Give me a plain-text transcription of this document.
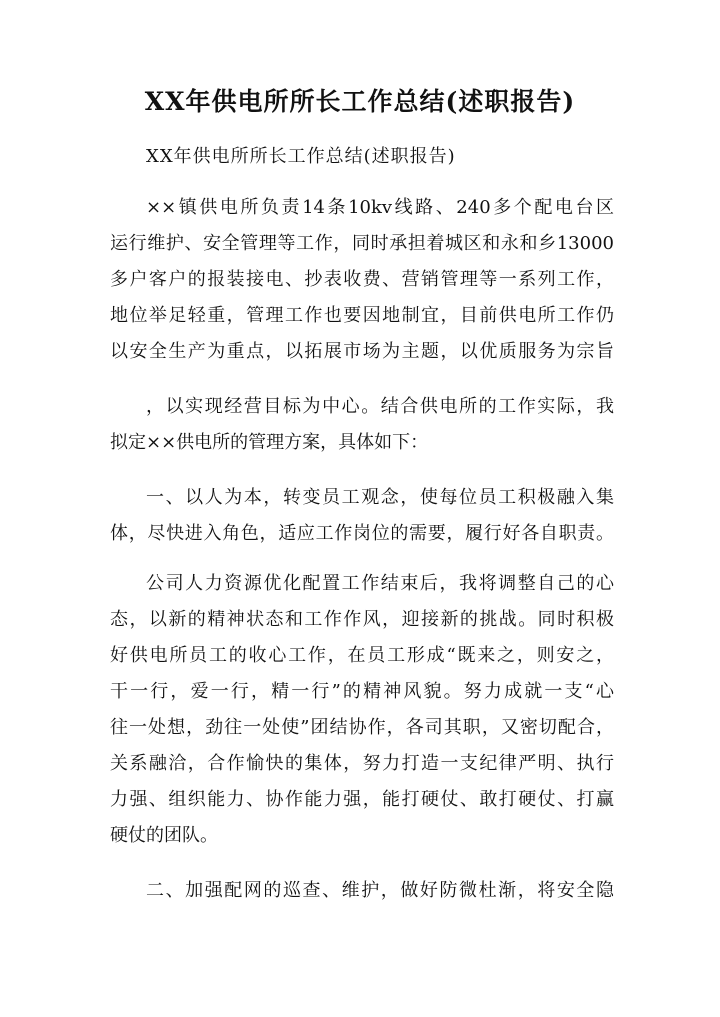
XX年供电所所长工作总结(述职报告)
XX年供电所所长工作总结(述职报告)
××镇供电所负责14条10kv线路、240多个配电台区
运行维护、安全管理等工作，同时承担着城区和永和乡13000
多户客户的报装接电、抄表收费、营销管理等一系列工作，
地位举足轻重，管理工作也要因地制宜，目前供电所工作仍
以安全生产为重点，以拓展市场为主题，以优质服务为宗旨
，以实现经营目标为中心。结合供电所的工作实际，我
拟定××供电所的管理方案，具体如下：
一、以人为本，转变员工观念，使每位员工积极融入集
体，尽快进入角色，适应工作岗位的需要，履行好各自职责。
公司人力资源优化配置工作结束后，我将调整自己的心
态，以新的精神状态和工作作风，迎接新的挑战。同时积极
好供电所员工的收心工作，在员工形成“既来之，则安之，
干一行，爱一行，精一行”的精神风貌。努力成就一支“心
往一处想，劲往一处使”团结协作，各司其职，又密切配合，
关系融洽，合作愉快的集体，努力打造一支纪律严明、执行
力强、组织能力、协作能力强，能打硬仗、敢打硬仗、打赢
硬仗的团队。
二、加强配网的巡查、维护，做好防微杜渐，将安全隐
